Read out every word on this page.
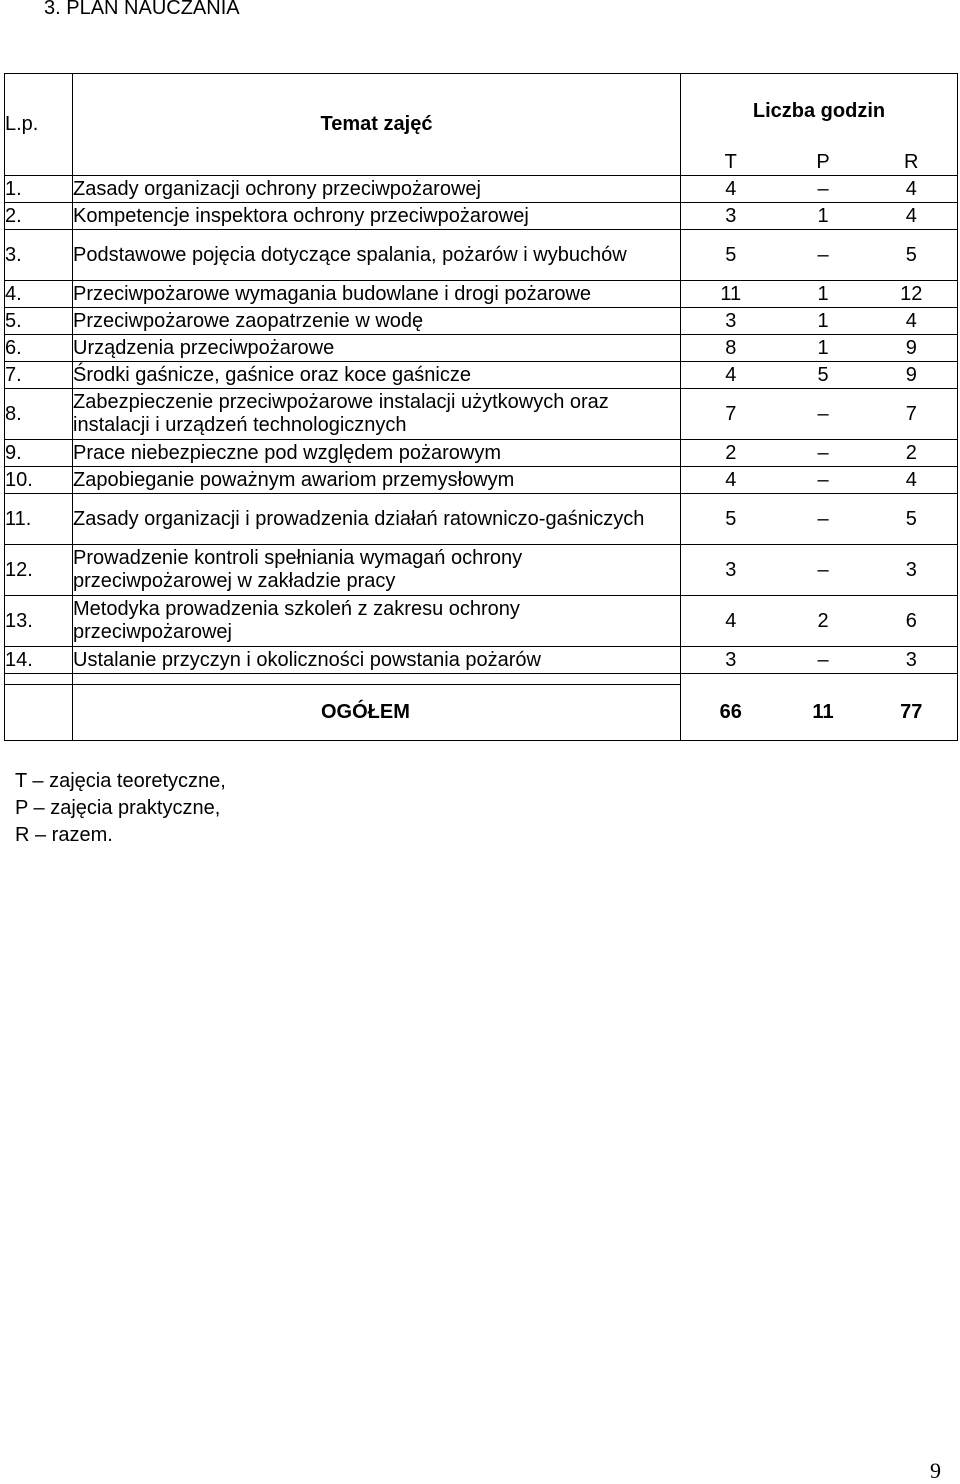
3. PLAN NAUCZANIA
L.p.	Temat zajęć	Liczba godzin		
		T	P	R
1.	Zasady organizacji ochrony przeciwpożarowej	4	–	4
2.	Kompetencje inspektora ochrony przeciwpożarowej	3	1	4
3.	Podstawowe pojęcia dotyczące spalania, pożarów i wybuchów	5	–	5
4.	Przeciwpożarowe wymagania budowlane i drogi pożarowe	11	1	12
5.	Przeciwpożarowe zaopatrzenie w wodę	3	1	4
6.	Urządzenia przeciwpożarowe	8	1	9
7.	Środki gaśnicze, gaśnice oraz koce gaśnicze	4	5	9
8.	Zabezpieczenie przeciwpożarowe instalacji użytkowych oraz instalacji i urządzeń technologicznych	7	–	7
9.	Prace niebezpieczne pod względem pożarowym	2	–	2
10.	Zapobieganie poważnym awariom przemysłowym	4	–	4
11.	Zasady organizacji i prowadzenia działań ratowniczo-gaśniczych	5	–	5
12.	Prowadzenie kontroli spełniania wymagań ochrony przeciwpożarowej w zakładzie pracy	3	–	3
13.	Metodyka prowadzenia szkoleń z zakresu ochrony przeciwpożarowej	4	2	6
14.	Ustalanie przyczyn i okoliczności powstania pożarów	3	–	3

	OGÓŁEM	66	11	77
T – zajęcia teoretyczne,
P – zajęcia praktyczne,
R – razem.
9
